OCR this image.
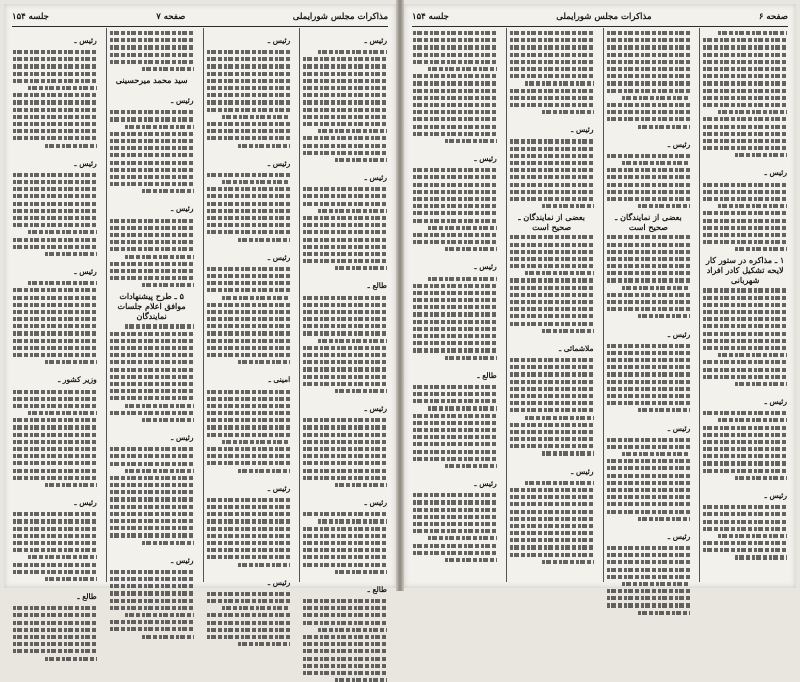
مذاکرات مجلس شورایملی
صفحه ۷
جلسه ۱۵۴
رئیس ـ
رئیس ـ
طالع ـ
رئیس ـ
رئیس ـ
طالع ـ
رئیس ـ
رئیس ـ
رئیس ـ
امینی ـ
رئیس ـ
رئیس ـ
سید محمد میرحسینی
رئیس ـ
رئیس ـ
۵ ـ طرح پیشنهادات موافق اعلام جلسات نمایندگان
رئیس ـ
رئیس ـ
رئیس ـ
رئیس ـ
رئیس ـ
وزیر کشور ـ
رئیس ـ
طالع ـ
صفحه ۶
مذاکرات مجلس شورایملی
جلسه ۱۵۴
رئیس ـ
۱ ـ مذاکره در ستور کار لایحه تشکیل کادر افراد شهربانی
رئیس ـ
رئیس ـ
رئیس ـ
بعضی از نمایندگان ـ صحیح است
رئیس ـ
رئیس ـ
رئیس ـ
رئیس ـ
بعضی از نمایندگان ـ صحیح است
ملاشمائی ـ
رئیس ـ
رئیس ـ
رئیس ـ
طالع ـ
رئیس ـ
